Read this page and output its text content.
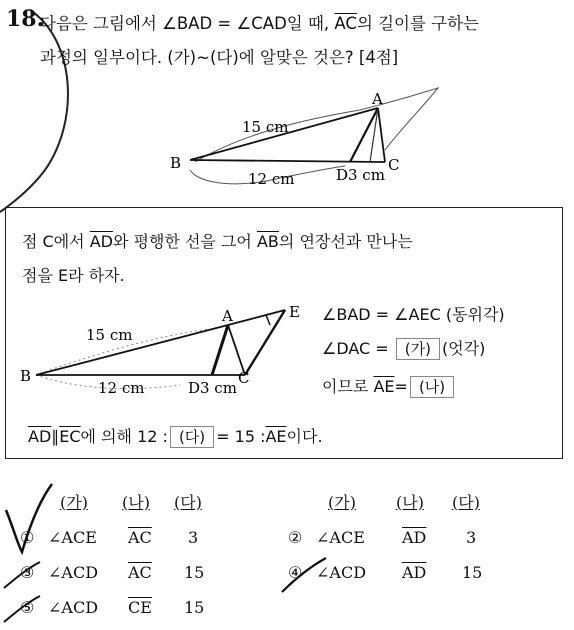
18.
다음은 그림에서 ∠BAD = ∠CAD일 때, $\overline{AC}$의 길이를 구하는
과정의 일부이다. (가)~(다)에 알맞은 것은? [4점]
B
A
C
D
15 cm
12 cm	3 cm
점 C에서 $\overline{AD}$와 평행한 선을 그어 $\overline{AB}$의 연장선과 만나는
점을 E라 하자.
B
A	E
C
D
15 cm
12 cm	3 cm
∠BAD = ∠AEC (동위각)
∠DAC = (가) (엇각)
이므로 $\overline{AE}=$ (나)
$\overline{AD}\parallel\overline{EC}$에 의해 12 : (다) = 15 $:\overline{AE}$이다.
(가) (나) (다)	(가)	(나) (다)
① ∠ACE $\overline{AC}$ 3	② ∠ACE $\overline{AD}$ 3
③ ∠ACD $\overline{AC}$ 15	④ ∠ACD $\overline{AD}$ 15
⑤ ∠ACD $\overline{CE}$ 15
